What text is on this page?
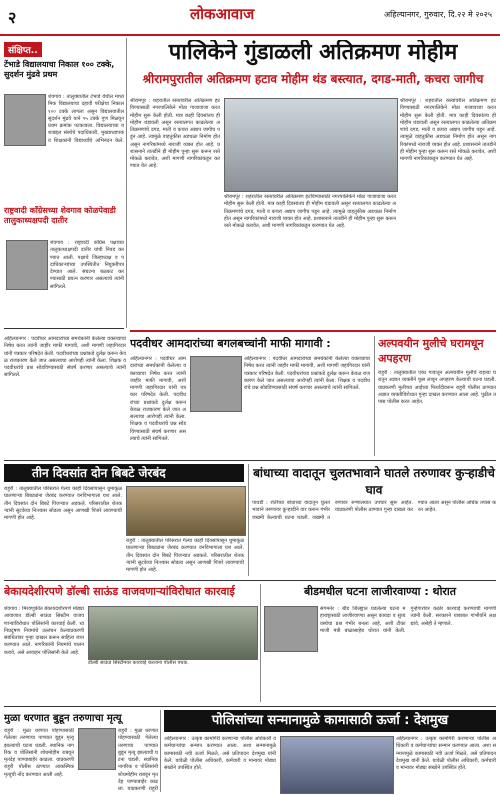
२	लोकआवाज	अहिल्यानगर, गुरुवार, दि.२२ मे २०२५
संक्षिप्त..
टेंभाडे विद्यालयाचा निकाल १०० टक्के, सुदर्शन मुंढवे प्रथम
शेवगाव : तालुक्यातील टेंभाडे येथील माध्यमिक विद्यालयाचा दहावी परीक्षेचा निकाल १०० टक्के लागला असून विद्यालयातील सुदर्शन मुंढवे याने ९५ टक्के गुण मिळवून प्रथम क्रमांक पटकावला. विद्यालयाच्या यशाबद्दल संस्थेचे पदाधिकारी, मुख्याध्यापक व शिक्षकांनी विद्यार्थ्यांचे अभिनंदन केले.

राष्ट्रवादी काँग्रेसच्या शेवगाव कोळपेवाडी तालुकाध्यक्षपदी दातीर
शेवगाव : राष्ट्रवादी काँग्रेस पक्षाच्या तालुकाध्यक्षपदी दातीर यांची निवड करण्यात आली. पक्षाचे जिल्हाध्यक्ष व पदाधिकाऱ्यांच्या उपस्थितीत नियुक्तीपत्र देण्यात आले. संघटना बळकट करण्यासाठी प्रयत्न करणार असल्याचे त्यांनी सांगितले.
पालिकेने गुंडाळली अतिक्रमण मोहीम
श्रीरामपुरातील अतिक्रमण हटाव मोहीम थंड बस्त्यात, दगड-माती, कचरा जागीच
श्रीरामपूर : शहरातील रस्त्यांवरील अतिक्रमण हटविण्यासाठी नगरपालिकेने मोठा गाजावाजा करत मोहीम सुरू केली होती. मात्र काही दिवसांतच ही मोहीम थंडावली असून रस्त्यालगत काढलेल्या अतिक्रमणांचे दगड, माती व कचरा अद्याप जागीच पडून आहे. त्यामुळे वाहतुकीस अडथळा निर्माण होत असून नागरिकांमध्ये नाराजी व्यक्त होत आहे. प्रशासनाने तातडीने ही मोहीम पुन्हा सुरू करून रस्ते मोकळे करावेत, अशी मागणी नागरिकांकडून करण्यात येत आहे.
श्रीरामपूर : शहरातील रस्त्यांवरील अतिक्रमण हटविण्यासाठी नगरपालिकेने मोठा गाजावाजा करत मोहीम सुरू केली होती. मात्र काही दिवसांतच ही मोहीम थंडावली असून रस्त्यालगत काढलेल्या अतिक्रमणांचे दगड, माती व कचरा अद्याप जागीच पडून आहे. त्यामुळे वाहतुकीस अडथळा निर्माण होत असून नागरिकांमध्ये नाराजी व्यक्त होत आहे. प्रशासनाने तातडीने ही मोहीम पुन्हा सुरू करून रस्ते मोकळे करावेत, अशी मागणी नागरिकांकडून करण्यात येत आहे.
श्रीरामपूर : शहरातील रस्त्यांवरील अतिक्रमण हटविण्यासाठी नगरपालिकेने मोठा गाजावाजा करत मोहीम सुरू केली होती. मात्र काही दिवसांतच ही मोहीम थंडावली असून रस्त्यालगत काढलेल्या अतिक्रमणांचे दगड, माती व कचरा अद्याप जागीच पडून आहे. त्यामुळे वाहतुकीस अडथळा निर्माण होत असून नागरिकांमध्ये नाराजी व्यक्त होत आहे. प्रशासनाने तातडीने ही मोहीम पुन्हा सुरू करून रस्ते मोकळे करावेत, अशी मागणी नागरिकांकडून करण्यात येत आहे.
पदवीधर आमदारांच्या बगलबच्चांनी माफी मागावी :
अहिल्यानगर : पदवीधर आमदारांच्या समर्थकांनी केलेल्या वक्तव्याचा निषेध करत त्यांनी जाहीर माफी मागावी, अशी मागणी जहागिरदार यांनी पत्रकार परिषदेत केली. पदवीधरांच्या प्रश्नांकडे दुर्लक्ष करून केवळ राजकारण केले जात असल्याचा आरोपही त्यांनी केला. शिक्षक व पदवीधरांचे प्रश्न सोडविण्यासाठी संघर्ष करणार असल्याचे त्यांनी सांगितले.
अहिल्यानगर : पदवीधर आमदारांच्या समर्थकांनी केलेल्या वक्तव्याचा निषेध करत त्यांनी जाहीर माफी मागावी, अशी मागणी जहागिरदार यांनी पत्रकार परिषदेत केली. पदवीधरांच्या प्रश्नांकडे दुर्लक्ष करून केवळ राजकारण केले जात असल्याचा आरोपही त्यांनी केला. शिक्षक व पदवीधरांचे प्रश्न सोडविण्यासाठी संघर्ष करणार असल्याचे त्यांनी सांगितले.
अहिल्यानगर : पदवीधर आमदारांच्या समर्थकांनी केलेल्या वक्तव्याचा निषेध करत त्यांनी जाहीर माफी मागावी, अशी मागणी जहागिरदार यांनी पत्रकार परिषदेत केली. पदवीधरांच्या प्रश्नांकडे दुर्लक्ष करून केवळ राजकारण केले जात असल्याचा आरोपही त्यांनी केला. शिक्षक व पदवीधरांचे प्रश्न सोडविण्यासाठी संघर्ष करणार असल्याचे त्यांनी सांगितले.
अल्पवयीन मुलीचे घरामधून अपहरण
राहुरी : तालुक्यातील एका गावातून अल्पवयीन मुलीचे राहत्या घरातून अज्ञात व्यक्तीने फूस लावून अपहरण केल्याची घटना घडली. याप्रकरणी मुलीच्या आईच्या फिर्यादीवरून राहुरी पोलीस ठाण्यात अज्ञात व्यक्तीविरोधात गुन्हा दाखल करण्यात आला आहे. पुढील तपास पोलीस करत आहेत.
तीन दिवसांत दोन बिबटे जेरबंद
राहुरी : तालुक्यातील परिसरात गेल्या काही दिवसांपासून धुमाकूळ घालणाऱ्या बिबट्यांना जेरबंद करण्यात वनविभागाला यश आले. तीन दिवसांत दोन बिबटे पिंजऱ्यात अडकले. परिसरातील शेतकऱ्यांनी सुटकेचा निःश्वास सोडला असून आणखी पिंजरे लावण्याची मागणी होत आहे.
राहुरी : तालुक्यातील परिसरात गेल्या काही दिवसांपासून धुमाकूळ घालणाऱ्या बिबट्यांना जेरबंद करण्यात वनविभागाला यश आले. तीन दिवसांत दोन बिबटे पिंजऱ्यात अडकले. परिसरातील शेतकऱ्यांनी सुटकेचा निःश्वास सोडला असून आणखी पिंजरे लावण्याची मागणी होत आहे.
बांधाच्या वादातून चुलतभावाने घातले तरुणावर कुऱ्हाडीचे घाव
पाथर्डी : शेतीच्या बांधाच्या वादातून चुलतभावाने तरुणावर कुऱ्हाडीने वार करून गंभीर जखमी केल्याची घटना घडली. जखमी तरुणावर रुग्णालयात उपचार सुरू आहेत. याप्रकरणी पोलीस ठाण्यात गुन्हा दाखल करण्यात आला असून पोलीस अधिक तपास करत आहेत.
बेकायदेशीरपणे डॉल्बी साऊंड वाजवणाऱ्यांविरोधात कारवाई
शेवगाव : मिरवणुकीत बेकायदेशीरपणे मोठ्या आवाजात डॉल्बी साऊंड सिस्टीम वाजवणाऱ्यांविरोधात पोलिसांनी कारवाई केली. ध्वनिप्रदूषण नियमांचे उल्लंघन केल्याप्रकरणी संबंधितांवर गुन्हा दाखल करून साहित्य जप्त करण्यात आले. नागरिकांनी नियमांचे पालन करावे, असे आवाहन पोलिसांनी केले आहे.
डॉल्बी साऊंड सिस्टीमवर कारवाई करताना पोलीस पथक.
बीडमधील घटना लाजीरवाण्या : थोरात
संगमनेर : बीड जिल्ह्यात घडलेल्या घटना महाराष्ट्रासाठी लाजीरवाण्या असून कायदा व सुव्यवस्थेचा प्रश्न गंभीर बनला आहे, अशी टीका माजी मंत्री बाळासाहेब थोरात यांनी केली. गुन्हेगारांवर कठोर कारवाई करण्याची मागणी त्यांनी केली. सरकारने याबाबत गांभीर्याने लक्ष द्यावे, असेही ते म्हणाले.
मुळा धरणात बुडून तरुणाचा मृत्यू
राहुरी : मुळा धरणात पोहण्यासाठी गेलेल्या तरुणाचा पाण्यात बुडून मृत्यू झाल्याची घटना घडली. स्थानिक नागरिक व पोलिसांनी शोधमोहीम राबवून मृतदेह पाण्याबाहेर काढला. याप्रकरणी राहुरी पोलीस ठाण्यात आकस्मिक मृत्यूची नोंद करण्यात आली आहे.
राहुरी : मुळा धरणात पोहण्यासाठी गेलेल्या तरुणाचा पाण्यात बुडून मृत्यू झाल्याची घटना घडली. स्थानिक नागरिक व पोलिसांनी शोधमोहीम राबवून मृतदेह पाण्याबाहेर काढला. याप्रकरणी राहुरी
पोलिसांच्या सन्मानामुळे कामासाठी ऊर्जा : देशमुख
अहिल्यानगर : उत्कृष्ट कामगिरी करणाऱ्या पोलीस अधिकारी व कर्मचाऱ्यांचा सन्मान करण्यात आला. अशा सन्मानामुळे कामासाठी नवी ऊर्जा मिळते, असे प्रतिपादन देशमुख यांनी केले. यावेळी पोलीस अधिकारी, कर्मचारी व मान्यवर मोठ्या संख्येने उपस्थित होते.
अहिल्यानगर : उत्कृष्ट कामगिरी करणाऱ्या पोलीस अधिकारी व कर्मचाऱ्यांचा सन्मान करण्यात आला. अशा सन्मानामुळे कामासाठी नवी ऊर्जा मिळते, असे प्रतिपादन देशमुख यांनी केले. यावेळी पोलीस अधिकारी, कर्मचारी व मान्यवर मोठ्या संख्येने उपस्थित होते.
